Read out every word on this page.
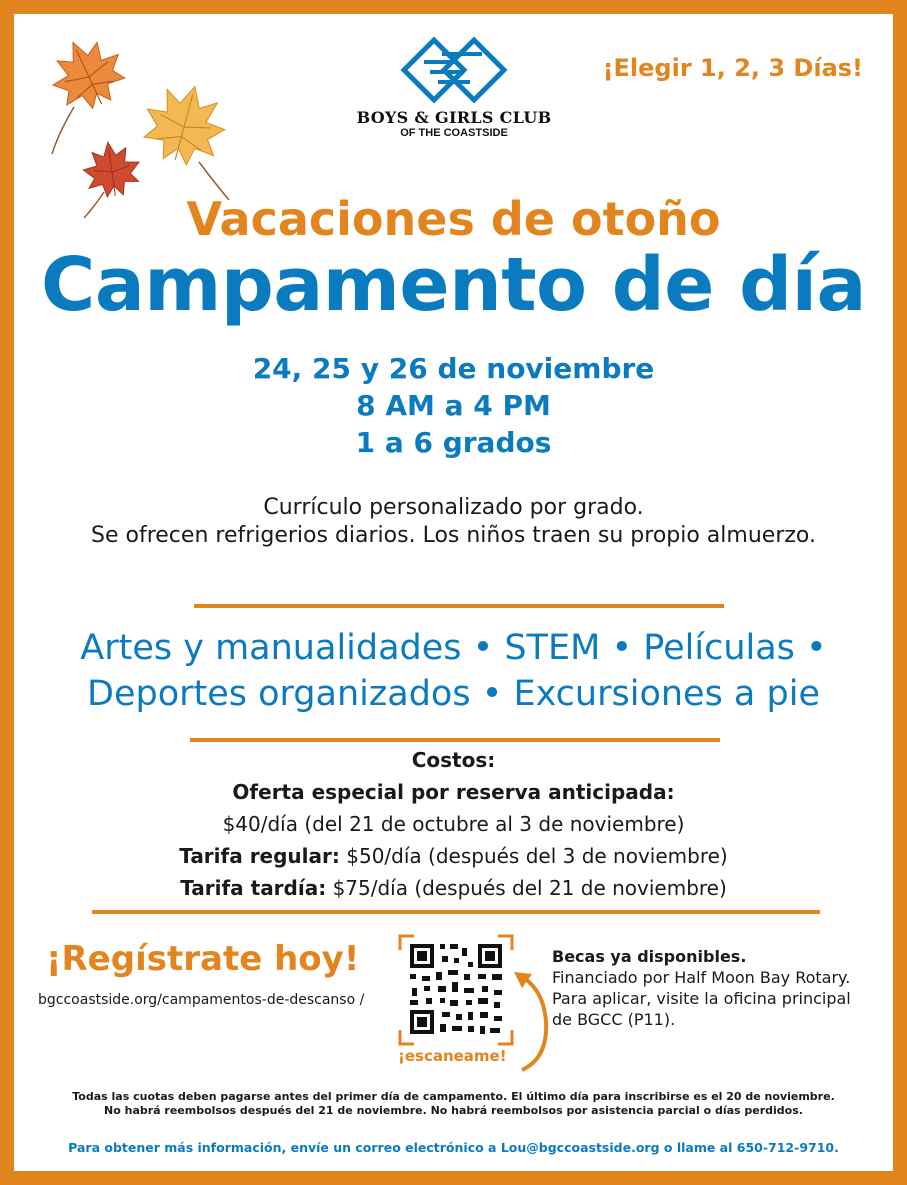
BOYS & GIRLS CLUB
OF THE COASTSIDE
¡Elegir 1, 2, 3 Días!
Vacaciones de otoño
Campamento de día
24, 25 y 26 de noviembre
8 AM a 4 PM
1 a 6 grados
Currículo personalizado por grado.
Se ofrecen refrigerios diarios. Los niños traen su propio almuerzo.
Artes y manualidades • STEM • Películas •
Deportes organizados • Excursiones a pie
Costos:
Oferta especial por reserva anticipada:
$40/día (del 21 de octubre al 3 de noviembre)
Tarifa regular: $50/día (después del 3 de noviembre)
Tarifa tardía: $75/día (después del 21 de noviembre)
¡Regístrate hoy!
bgccoastside.org/campamentos-de-descanso /
¡escaneame!
Becas ya disponibles.
Financiado por Half Moon Bay Rotary.
Para aplicar, visite la oficina principal
de BGCC (P11).
Todas las cuotas deben pagarse antes del primer día de campamento. El último día para inscribirse es el 20 de noviembre.
No habrá reembolsos después del 21 de noviembre. No habrá reembolsos por asistencia parcial o días perdidos.
Para obtener más información, envíe un correo electrónico a Lou@bgccoastside.org o llame al 650-712-9710.
